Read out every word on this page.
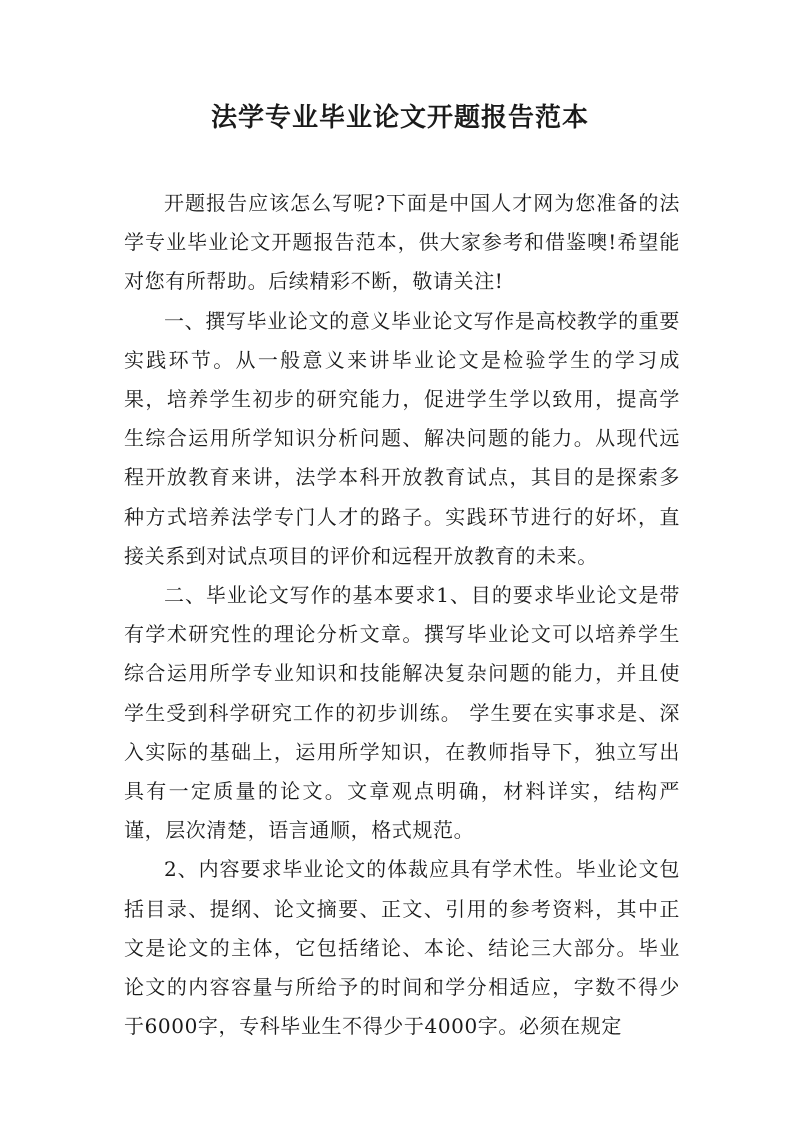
法学专业毕业论文开题报告范本

开题报告应该怎么写呢?下面是中国人才网为您准备的法学专业毕业论文开题报告范本，供大家参考和借鉴噢!希望能对您有所帮助。后续精彩不断，敬请关注!

一、撰写毕业论文的意义毕业论文写作是高校教学的重要实践环节。从一般意义来讲毕业论文是检验学生的学习成果，培养学生初步的研究能力，促进学生学以致用，提高学生综合运用所学知识分析问题、解决问题的能力。从现代远程开放教育来讲，法学本科开放教育试点，其目的是探索多种方式培养法学专门人才的路子。实践环节进行的好坏，直接关系到对试点项目的评价和远程开放教育的未来。

二、毕业论文写作的基本要求1、目的要求毕业论文是带有学术研究性的理论分析文章。撰写毕业论文可以培养学生综合运用所学专业知识和技能解决复杂问题的能力，并且使学生受到科学研究工作的初步训练。 学生要在实事求是、深入实际的基础上，运用所学知识，在教师指导下，独立写出具有一定质量的论文。文章观点明确，材料详实，结构严谨，层次清楚，语言通顺，格式规范。

2、内容要求毕业论文的体裁应具有学术性。毕业论文包括目录、提纲、论文摘要、正文、引用的参考资料，其中正文是论文的主体，它包括绪论、本论、结论三大部分。毕业论文的内容容量与所给予的时间和学分相适应，字数不得少于6000字，专科毕业生不得少于4000字。必须在规定
